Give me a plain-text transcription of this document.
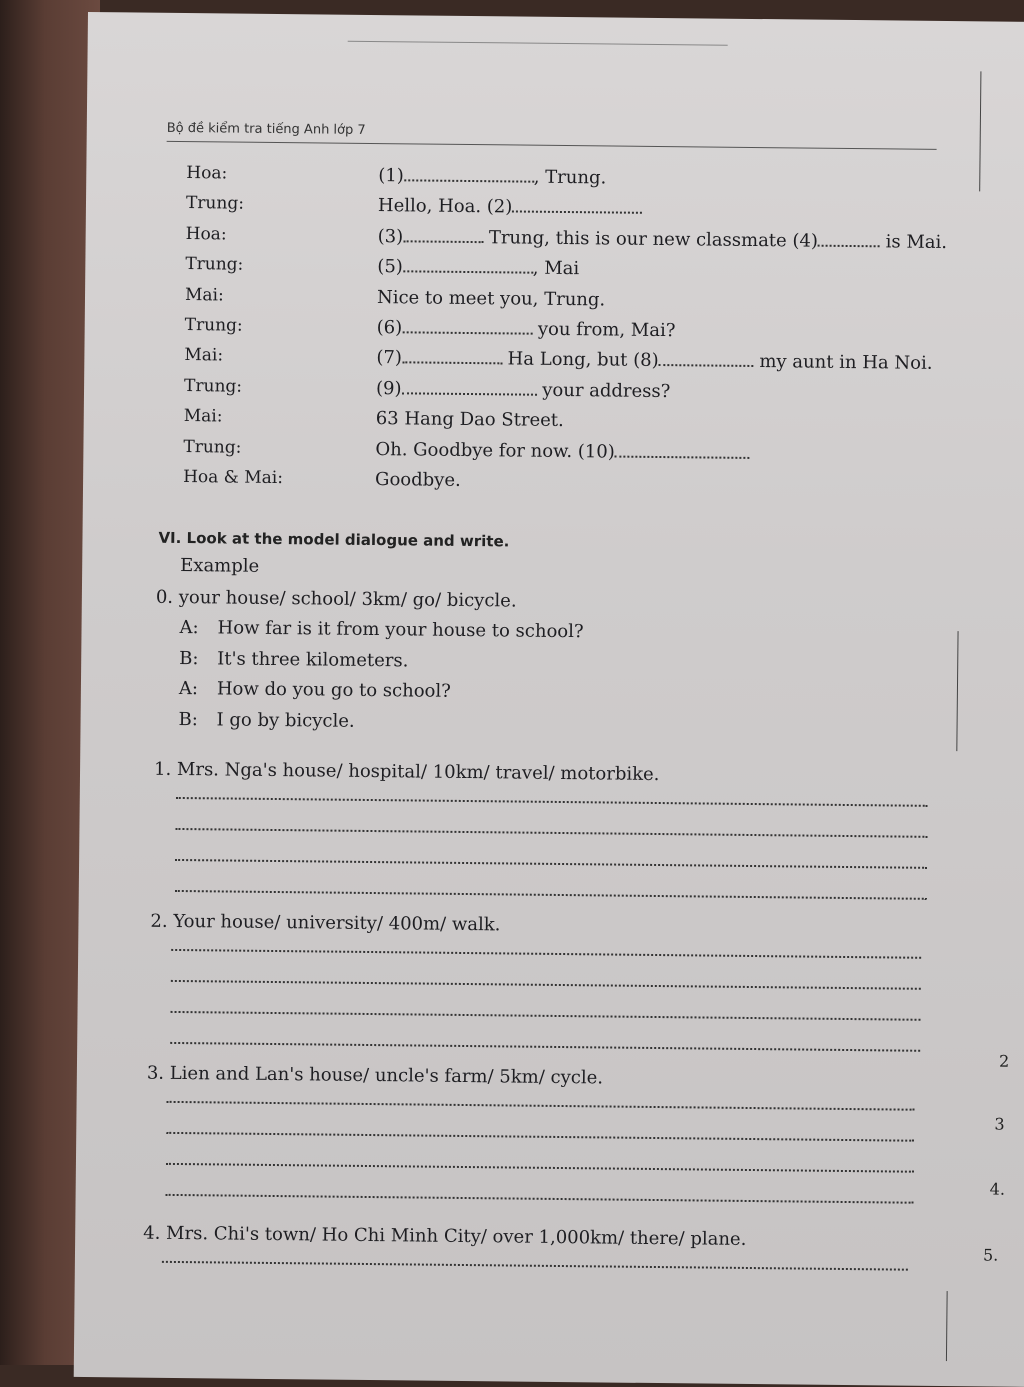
Bộ đề kiểm tra tiếng Anh lớp 7
Hoa:	(1)	, Trung.
Trung:	Hello, Hoa. (2)
Hoa:	(3)	Trung, this is our new classmate (4)	is Mai.
Trung:	(5)	, Mai
Mai:	Nice to meet you, Trung.
Trung:	(6)	you from, Mai?
Mai:	(7)	Ha Long, but (8)	my aunt in Ha Noi.
Trung:	(9)	your address?
Mai:	63 Hang Dao Street.
Trung:	Oh. Goodbye for now. (10)
Hoa & Mai:	Goodbye.
VI. Look at the model dialogue and write.
Example
0. your house/ school/ 3km/ go/ bicycle.
A: How far is it from your house to school?
B: It's three kilometers.
A: How do you go to school?
B: I go by bicycle.
1. Mrs. Nga's house/ hospital/ 10km/ travel/ motorbike.
2. Your house/ university/ 400m/ walk.
3. Lien and Lan's house/ uncle's farm/ 5km/ cycle.
4. Mrs. Chi's town/ Ho Chi Minh City/ over 1,000km/ there/ plane.
2
3
4.
5.
